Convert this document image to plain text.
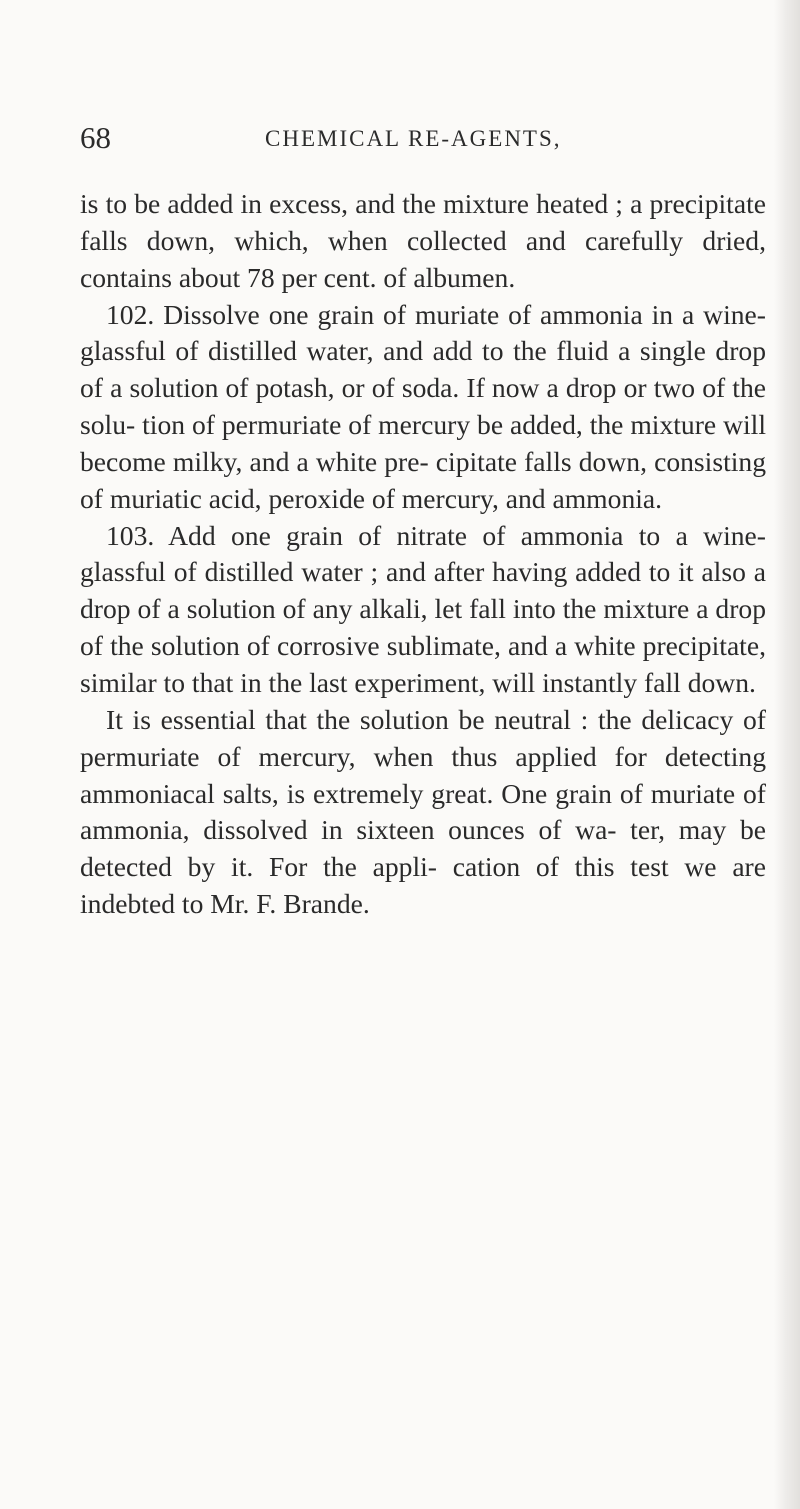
68	CHEMICAL RE-AGENTS,

is to be added in excess, and the mixture heated ; a precipitate falls down, which, when collected and carefully dried, contains about 78 per cent. of albumen.

102. Dissolve one grain of muriate of ammonia in a wine-glassful of distilled water, and add to the fluid a single drop of a solution of potash, or of soda. If now a drop or two of the solu- tion of permuriate of mercury be added, the mixture will become milky, and a white pre- cipitate falls down, consisting of muriatic acid, peroxide of mercury, and ammonia.

103. Add one grain of nitrate of ammonia to a wine-glassful of distilled water ; and after having added to it also a drop of a solution of any alkali, let fall into the mixture a drop of the solution of corrosive sublimate, and a white precipitate, similar to that in the last experiment, will instantly fall down.

It is essential that the solution be neutral : the delicacy of permuriate of mercury, when thus applied for detecting ammoniacal salts, is extremely great. One grain of muriate of ammonia, dissolved in sixteen ounces of wa- ter, may be detected by it. For the appli- cation of this test we are indebted to Mr. F. Brande.
